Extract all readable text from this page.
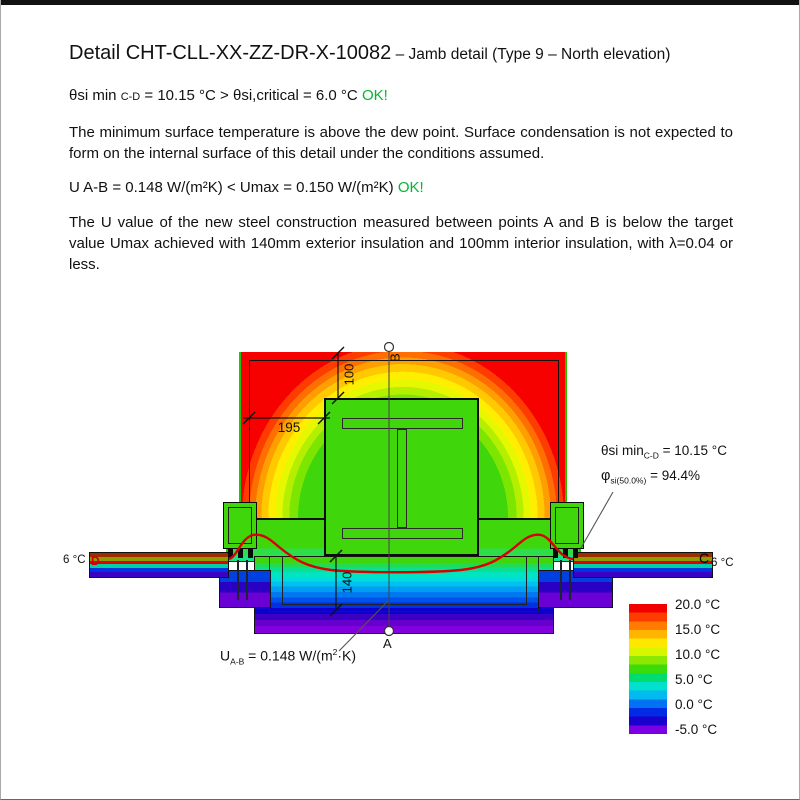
Detail CHT-CLL-XX-ZZ-DR-X-10082 – Jamb detail (Type 9 – North elevation)
θsi min C-D = 10.15 °C > θsi,critical = 6.0 °C OK!
The minimum surface temperature is above the dew point. Surface condensation is not expected to form on the internal surface of this detail under the conditions assumed.
U A-B = 0.148 W/(m²K) < Umax = 0.150 W/(m²K) OK!
The U value of the new steel construction measured between points A and B is below the target value Umax achieved with 140mm exterior insulation and 100mm interior insulation, with λ=0.04 or less.
100
195
140
B
A
D	C
6 °C	6 °C
θsi $\min_{C-D} = 10.15$ °C
$\varphi_{si(50.0\%)} = 94.4\%$
$U_{A-B} = 0.148$ $W/(m^2\cdot K)$
20.0 °C
15.0 °C
10.0 °C
5.0 °C
0.0 °C
-5.0 °C
